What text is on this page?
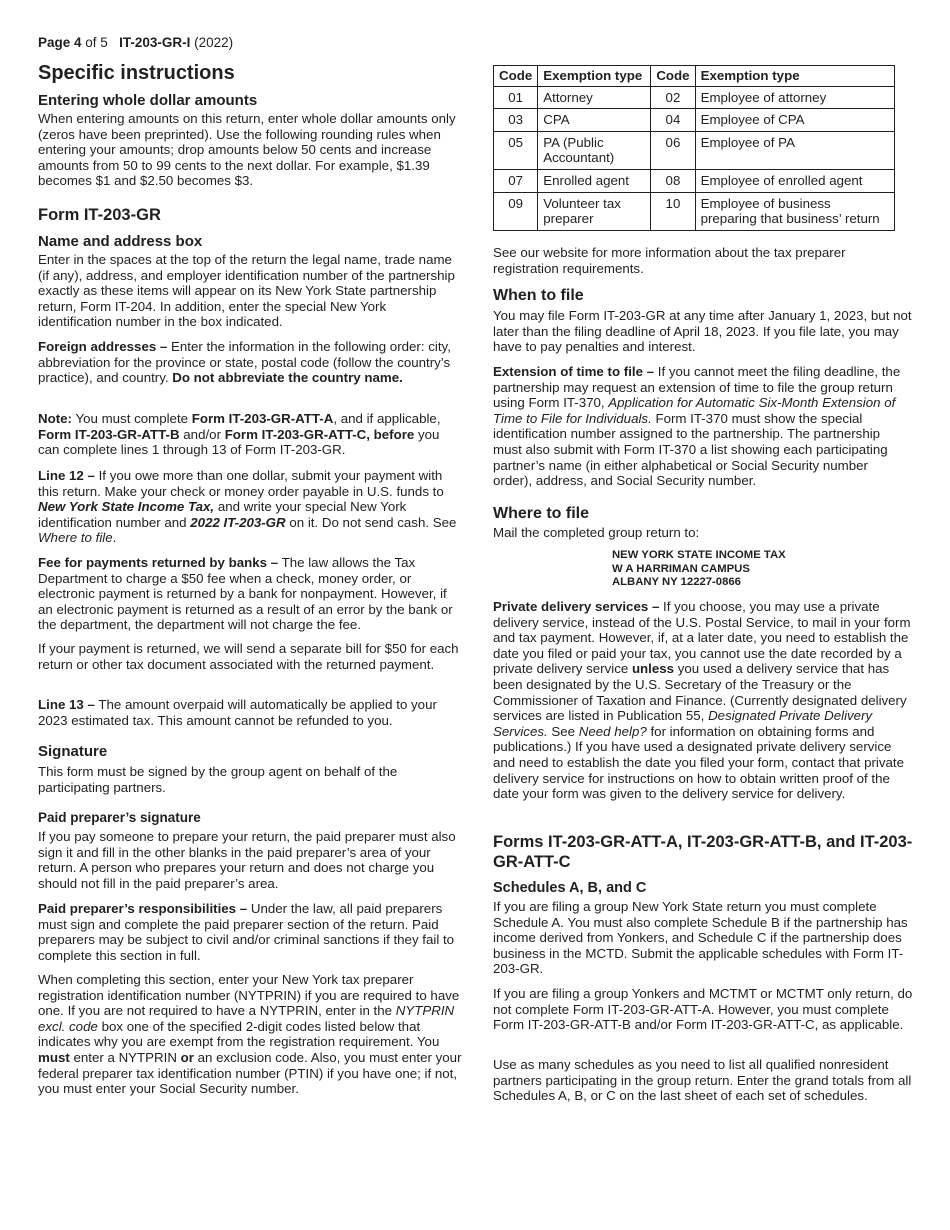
Page 4 of 5 IT-203-GR-I (2022)
Specific instructions
Entering whole dollar amounts

When entering amounts on this return, enter whole dollar amounts only (zeros have been preprinted). Use the following rounding rules when entering your amounts; drop amounts below 50 cents and increase amounts from 50 to 99 cents to the next dollar. For example, $1.39 becomes $1 and $2.50 becomes $3.

Form IT-203-GR
Name and address box

Enter in the spaces at the top of the return the legal name, trade name (if any), address, and employer identification number of the partnership exactly as these items will appear on its New York State partnership return, Form IT-204. In addition, enter the special New York identification number in the box indicated.

Foreign addresses – Enter the information in the following order: city, abbreviation for the province or state, postal code (follow the country’s practice), and country. Do not abbreviate the country name.

Note: You must complete Form IT-203-GR-ATT-A, and if applicable, Form IT-203-GR-ATT-B and/or Form IT-203-GR-ATT-C, before you can complete lines 1 through 13 of Form IT-203-GR.

Line 12 – If you owe more than one dollar, submit your payment with this return. Make your check or money order payable in U.S. funds to New York State Income Tax, and write your special New York identification number and 2022 IT-203-GR on it. Do not send cash. See Where to file.

Fee for payments returned by banks – The law allows the Tax Department to charge a $50 fee when a check, money order, or electronic payment is returned by a bank for nonpayment. However, if an electronic payment is returned as a result of an error by the bank or the department, the department will not charge the fee.

If your payment is returned, we will send a separate bill for $50 for each return or other tax document associated with the returned payment.

Line 13 – The amount overpaid will automatically be applied to your 2023 estimated tax. This amount cannot be refunded to you.

Signature

This form must be signed by the group agent on behalf of the participating partners.

Paid preparer’s signature

If you pay someone to prepare your return, the paid preparer must also sign it and fill in the other blanks in the paid preparer’s area of your return. A person who prepares your return and does not charge you should not fill in the paid preparer’s area.

Paid preparer’s responsibilities – Under the law, all paid preparers must sign and complete the paid preparer section of the return. Paid preparers may be subject to civil and/or criminal sanctions if they fail to complete this section in full.

When completing this section, enter your New York tax preparer registration identification number (NYTPRIN) if you are required to have one. If you are not required to have a NYTPRIN, enter in the NYTPRIN excl. code box one of the specified 2-digit codes listed below that indicates why you are exempt from the registration requirement. You must enter a NYTPRIN or an exclusion code. Also, you must enter your federal preparer tax identification number (PTIN) if you have one; if not, you must enter your Social Security number.

Code	Exemption type	Code	Exemption type
01	Attorney	02	Employee of attorney
03	CPA	04	Employee of CPA
05	PA (Public Accountant)	06	Employee of PA
07	Enrolled agent	08	Employee of enrolled agent
09	Volunteer tax preparer	10	Employee of business preparing that business’ return

See our website for more information about the tax preparer registration requirements.

When to file

You may file Form IT-203-GR at any time after January 1, 2023, but not later than the filing deadline of April 18, 2023. If you file late, you may have to pay penalties and interest.

Extension of time to file – If you cannot meet the filing deadline, the partnership may request an extension of time to file the group return using Form IT-370, Application for Automatic Six-Month Extension of Time to File for Individuals. Form IT-370 must show the special identification number assigned to the partnership. The partnership must also submit with Form IT-370 a list showing each participating partner’s name (in either alphabetical or Social Security number order), address, and Social Security number.

Where to file

Mail the completed group return to:

NEW YORK STATE INCOME TAX
W A HARRIMAN CAMPUS
ALBANY NY 12227-0866

Private delivery services – If you choose, you may use a private delivery service, instead of the U.S. Postal Service, to mail in your form and tax payment. However, if, at a later date, you need to establish the date you filed or paid your tax, you cannot use the date recorded by a private delivery service unless you used a delivery service that has been designated by the U.S. Secretary of the Treasury or the Commissioner of Taxation and Finance. (Currently designated delivery services are listed in Publication 55, Designated Private Delivery Services. See Need help? for information on obtaining forms and publications.) If you have used a designated private delivery service and need to establish the date you filed your form, contact that private delivery service for instructions on how to obtain written proof of the date your form was given to the delivery service for delivery.

Forms IT-203-GR-ATT-A, IT-203-GR-ATT-B, and IT-203-GR-ATT-C
Schedules A, B, and C

If you are filing a group New York State return you must complete Schedule A. You must also complete Schedule B if the partnership has income derived from Yonkers, and Schedule C if the partnership does business in the MCTD. Submit the applicable schedules with Form IT-203-GR.

If you are filing a group Yonkers and MCTMT or MCTMT only return, do not complete Form IT-203-GR-ATT-A. However, you must complete Form IT-203-GR-ATT-B and/or Form IT-203-GR-ATT-C, as applicable.

Use as many schedules as you need to list all qualified nonresident partners participating in the group return. Enter the grand totals from all Schedules A, B, or C on the last sheet of each set of schedules.
